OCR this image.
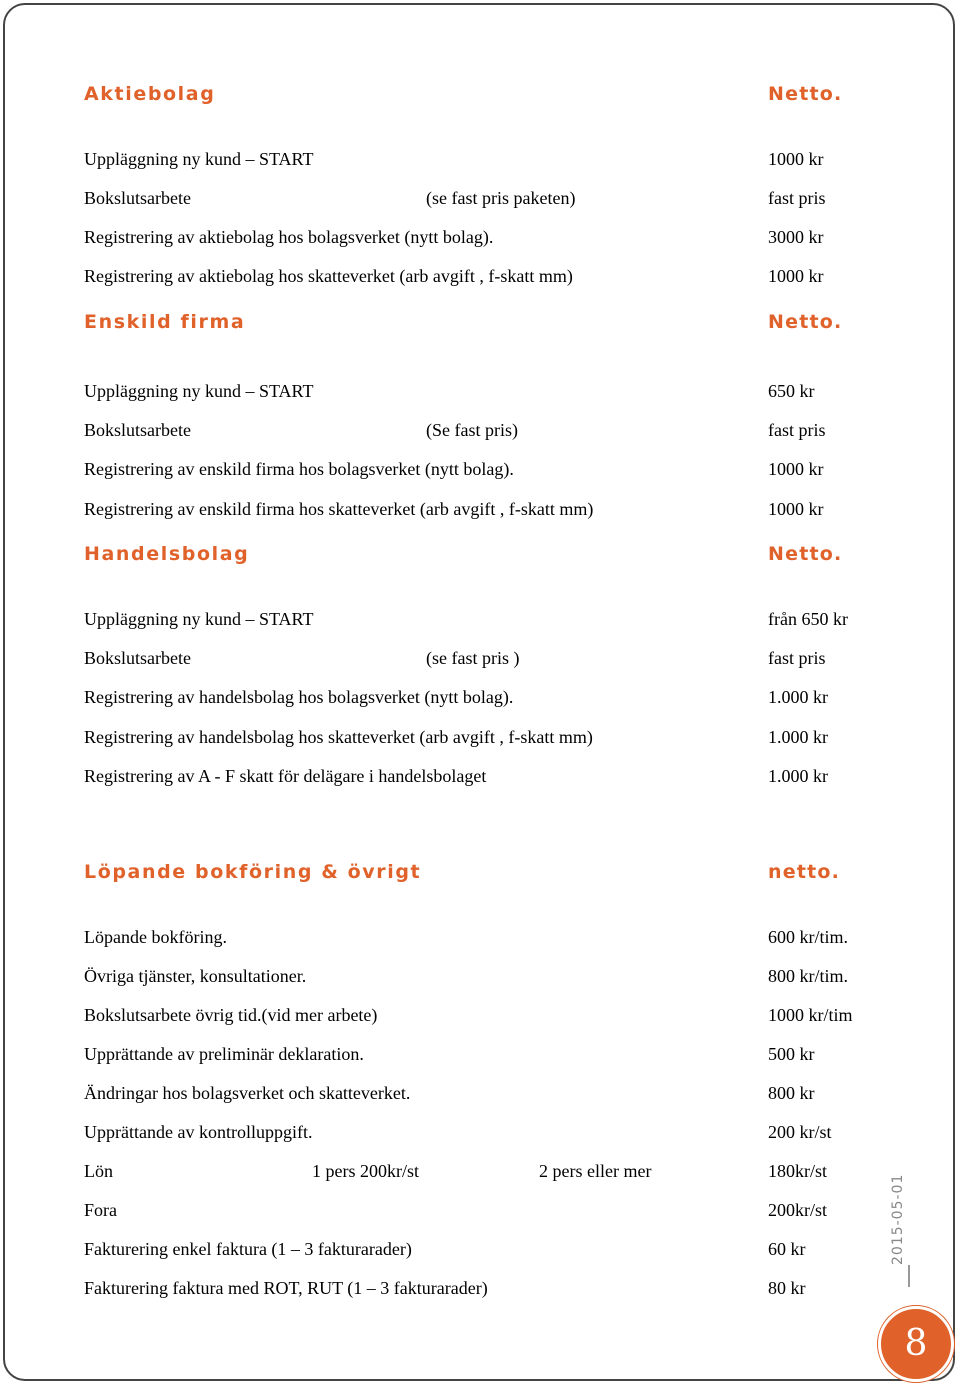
Aktiebolag	Netto.
Uppläggning ny kund – START	1000 kr
Bokslutsarbete	(se fast pris paketen)	fast pris
Registrering av aktiebolag hos bolagsverket (nytt bolag).	3000 kr
Registrering av aktiebolag hos skatteverket (arb avgift , f-skatt mm)	1000 kr
Enskild firma	Netto.
Uppläggning ny kund – START	650 kr
Bokslutsarbete	(Se fast pris)	fast pris
Registrering av enskild firma hos bolagsverket (nytt bolag).	1000 kr
Registrering av enskild firma hos skatteverket (arb avgift , f-skatt mm)	1000 kr
Handelsbolag	Netto.
Uppläggning ny kund – START	från 650 kr
Bokslutsarbete	(se fast pris )	fast pris
Registrering av handelsbolag hos bolagsverket (nytt bolag).	1.000 kr
Registrering av handelsbolag hos skatteverket (arb avgift , f-skatt mm)	1.000 kr
Registrering av A - F skatt för delägare i handelsbolaget	1.000 kr
Löpande bokföring & övrigt	netto.
Löpande bokföring.	600 kr/tim.
Övriga tjänster, konsultationer.	800 kr/tim.
Bokslutsarbete övrig tid.(vid mer arbete)	1000 kr/tim
Upprättande av preliminär deklaration.	500 kr
Ändringar hos bolagsverket och skatteverket.	800 kr
Upprättande av kontrolluppgift.	200 kr/st
Lön	1 pers 200kr/st	2 pers eller mer	180kr/st
Fora	200kr/st
Fakturering enkel faktura (1 – 3 fakturarader)	60 kr
Fakturering faktura med ROT, RUT (1 – 3 fakturarader)	80 kr
2015-05-01
8
